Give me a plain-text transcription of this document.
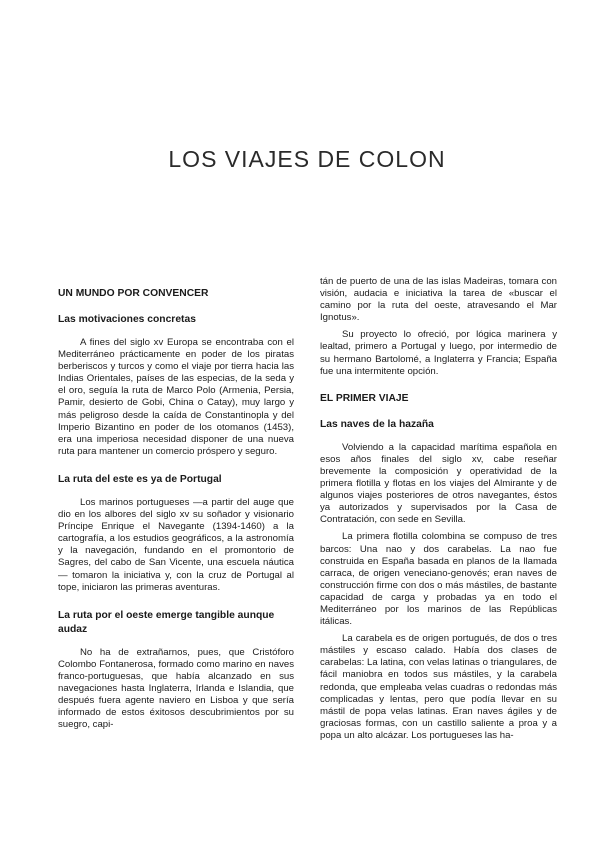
LOS VIAJES DE COLON
UN MUNDO POR CONVENCER
Las motivaciones concretas

A fines del siglo xv Europa se encontraba con el Mediterráneo prácticamente en poder de los piratas berberiscos y turcos y como el viaje por tierra hacia las Indias Orientales, países de las especias, de la seda y el oro, seguía la ruta de Marco Polo (Armenia, Persia, Pamir, desierto de Gobi, China o Catay), muy largo y más peligroso desde la caída de Constantinopla y del Imperio Bizantino en poder de los otomanos (1453), era una imperiosa necesidad disponer de una nueva ruta para mantener un comercio próspero y seguro.

La ruta del este es ya de Portugal

Los marinos portugueses —a partir del auge que dio en los albores del siglo xv su soñador y visionario Príncipe Enrique el Navegante (1394-1460) a la cartografía, a los estudios geográficos, a la astronomía y la navegación, fundando en el promontorio de Sagres, del cabo de San Vicente, una escuela náutica— tomaron la iniciativa y, con la cruz de Portugal al tope, iniciaron las primeras aventuras.

La ruta por el oeste emerge tangible aunque audaz

No ha de extrañarnos, pues, que Cristóforo Colombo Fontanerosa, formado como marino en naves franco-portuguesas, que había alcanzado en sus navegaciones hasta Inglaterra, Irlanda e Islandia, que después fuera agente naviero en Lisboa y que sería informado de estos éxitosos descubrimientos por su suegro, capi-

tán de puerto de una de las islas Madeiras, tomara con visión, audacia e iniciativa la tarea de «buscar el camino por la ruta del oeste, atravesando el Mar Ignotus».

Su proyecto lo ofreció, por lógica marinera y lealtad, primero a Portugal y luego, por intermedio de su hermano Bartolomé, a Inglaterra y Francia; España fue una intermitente opción.

EL PRIMER VIAJE
Las naves de la hazaña

Volviendo a la capacidad marítima española en esos años finales del siglo xv, cabe reseñar brevemente la composición y operatividad de la primera flotilla y flotas en los viajes del Almirante y de algunos viajes posteriores de otros navegantes, éstos ya autorizados y supervisados por la Casa de Contratación, con sede en Sevilla.

La primera flotilla colombina se compuso de tres barcos: Una nao y dos carabelas. La nao fue construida en España basada en planos de la llamada carraca, de origen veneciano-genovés; eran naves de construcción firme con dos o más mástiles, de bastante capacidad de carga y probadas ya en todo el Mediterráneo por los marinos de las Repúblicas itálicas.

La carabela es de origen portugués, de dos o tres mástiles y escaso calado. Había dos clases de carabelas: La latina, con velas latinas o triangulares, de fácil maniobra en todos sus mástiles, y la carabela redonda, que empleaba velas cuadras o redondas más complicadas y lentas, pero que podía llevar en su mástil de popa velas latinas. Eran naves ágiles y de graciosas formas, con un castillo saliente a proa y a popa un alto alcázar. Los portugueses las ha-
